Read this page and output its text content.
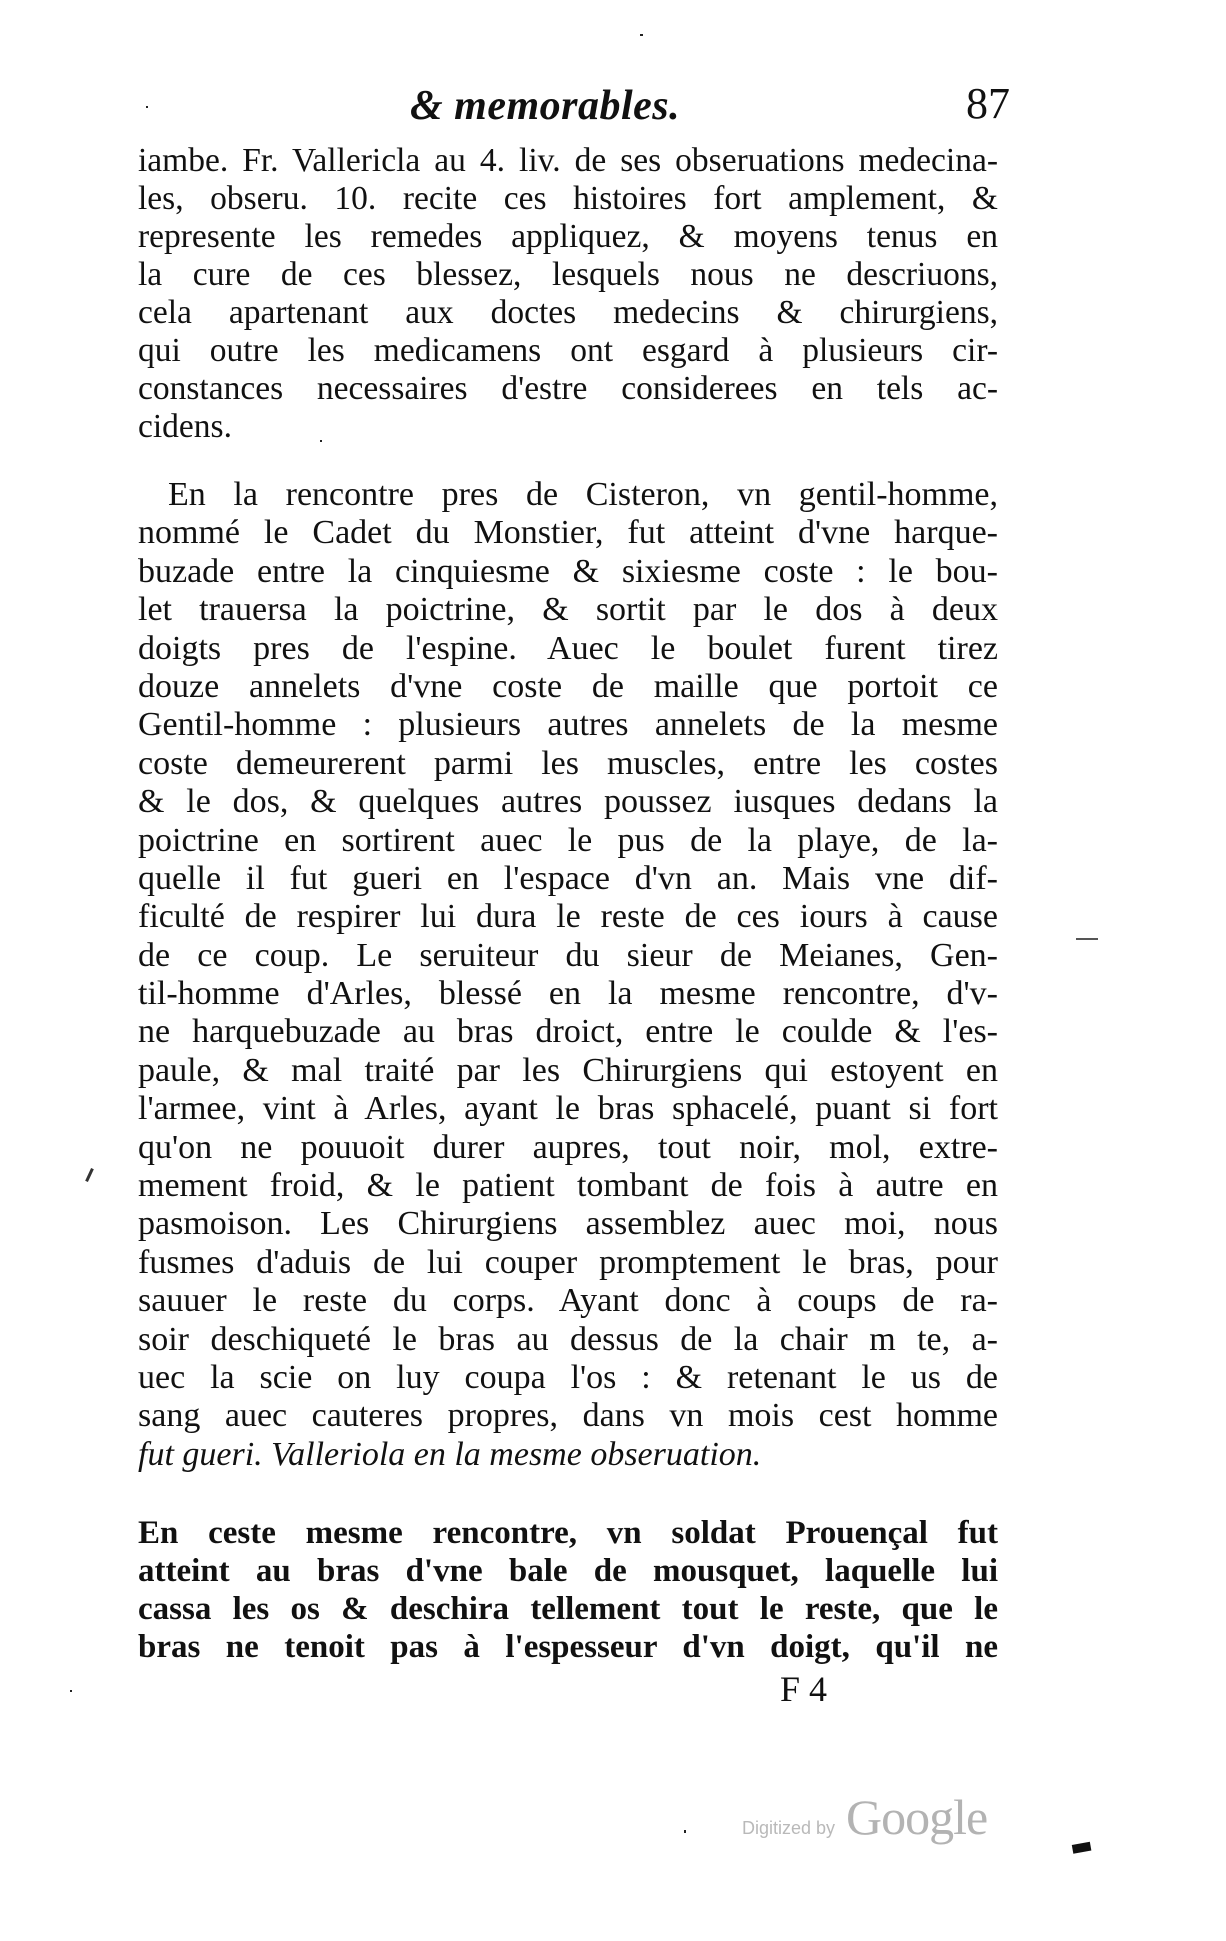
& memorables.	87
iambe. Fr. Vallericla au 4. liv. de ses obseruations medecina-
les, obseru. 10. recite ces histoires fort amplement, &
represente les remedes appliquez, & moyens tenus en
la cure de ces blessez, lesquels nous ne descriuons,
cela apartenant aux doctes medecins & chirurgiens,
qui outre les medicamens ont esgard à plusieurs cir-
constances necessaires d'estre considerees en tels ac-
cidens.
En la rencontre pres de Cisteron, vn gentil-homme,
nommé le Cadet du Monstier, fut atteint d'vne harque-
buzade entre la cinquiesme & sixiesme coste : le bou-
let trauersa la poictrine, & sortit par le dos à deux
doigts pres de l'espine. Auec le boulet furent tirez
douze annelets d'vne coste de maille que portoit ce
Gentil-homme : plusieurs autres annelets de la mesme
coste demeurerent parmi les muscles, entre les costes
& le dos, & quelques autres poussez iusques dedans la
poictrine en sortirent auec le pus de la playe, de la-
quelle il fut gueri en l'espace d'vn an. Mais vne dif-
ficulté de respirer lui dura le reste de ces iours à cause
de ce coup. Le seruiteur du sieur de Meianes, Gen-
til-homme d'Arles, blessé en la mesme rencontre, d'v-
ne harquebuzade au bras droict, entre le coulde & l'es-
paule, & mal traité par les Chirurgiens qui estoyent en
l'armee, vint à Arles, ayant le bras sphacelé, puant si fort
qu'on ne pouuoit durer aupres, tout noir, mol, extre-
mement froid, & le patient tombant de fois à autre en
pasmoison. Les Chirurgiens assemblez auec moi, nous
fusmes d'aduis de lui couper promptement le bras, pour
sauuer le reste du corps. Ayant donc à coups de ra-
soir deschiqueté le bras au dessus de la chair m te, a-
uec la scie on luy coupa l'os : & retenant le us de
sang auec cauteres propres, dans vn mois cest homme
fut gueri. Valleriola en la mesme obseruation.
En ceste mesme rencontre, vn soldat Prouençal fut
atteint au bras d'vne bale de mousquet, laquelle lui
cassa les os & deschira tellement tout le reste, que le
bras ne tenoit pas à l'espesseur d'vn doigt, qu'il ne
F 4
Digitized by Google
▬
